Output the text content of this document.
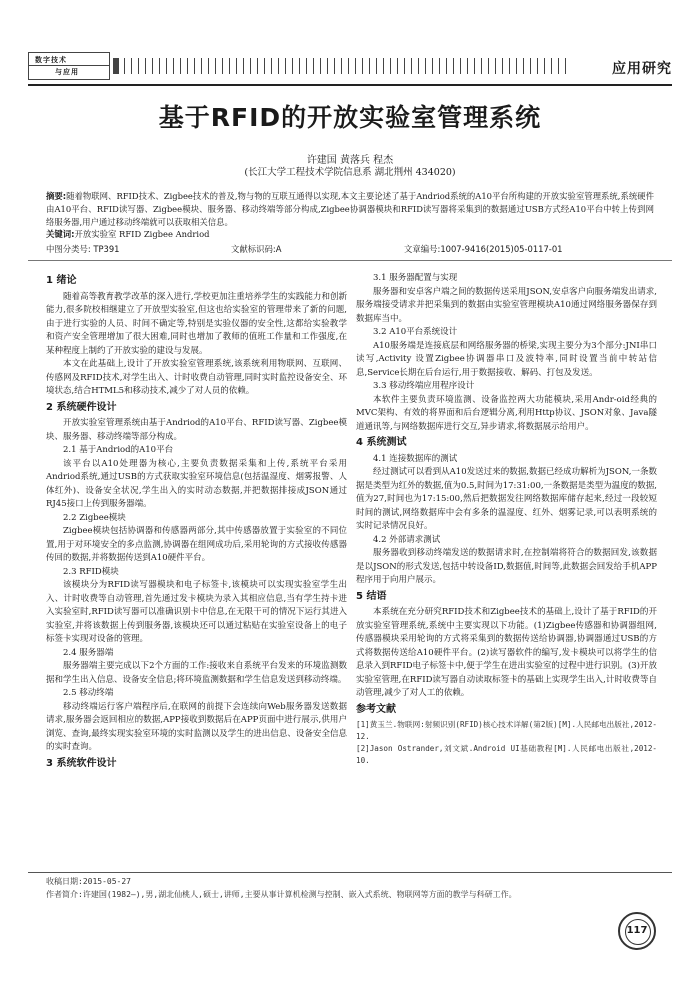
数字技术
与应用	应用研究
基于RFID的开放实验室管理系统
许建国 黄落兵 程杰
(长江大学工程技术学院信息系 湖北荆州 434020)
摘要:随着物联网、RFID技术、Zigbee技术的普及,物与物的互联互通得以实现,本文主要论述了基于Andriod系统的A10平台所构建的开放实验室管理系统,系统硬件由A10平台、RFID读写器、Zigbee模块、服务器、移动终端等部分构成,Zigbee协调器模块和RFID读写器将采集到的数据通过USB方式经A10平台中转上传到网络服务器,用户通过移动终端就可以获取相关信息。
关键词:开放实验室 RFID Zigbee Andriod
中图分类号: TP391	文献标识码:A	文章编号:1007-9416(2015)05-0117-01
1 绪论

随着高等教育教学改革的深入进行,学校更加注重培养学生的实践能力和创新能力,很多院校相继建立了开放型实验室,但这也给实验室的管理带来了新的问题,由于进行实验的人员、时间不确定等,特别是实验仪器的安全性,这都给实验教学和资产安全管理增加了很大困难,同时也增加了教师的值班工作量和工作强度,在某种程度上制约了开放实验的建设与发展。

本文在此基础上,设计了开放实验室管理系统,该系统利用物联网、互联网、传感网及RFID技术,对学生出入、计时收费自动管理,同时实时监控设备安全、环境状态,结合HTML5和移动技术,减少了对人员的依赖。

2 系统硬件设计

开放实验室管理系统由基于Andriod的A10平台、RFID读写器、Zigbee模块、服务器、移动终端等部分构成。

2.1 基于Andriod的A10平台

该平台以A10处理器为核心,主要负责数据采集和上传,系统平台采用Andriod系统,通过USB的方式获取实验室环境信息(包括温湿度、烟雾报警、人体红外)、设备安全状况,学生出入的实时动态数据,并把数据排接成JSON通过RJ45接口上传到服务器端。

2.2 Zigbee模块

Zigbee模块包括协调器和传感器两部分,其中传感器放置于实验室的不同位置,用于对环境安全的多点监测,协调器在组网成功后,采用轮询的方式接收传感器传回的数据,并将数据传送到A10硬件平台。

2.3 RFID模块

该模块分为RFID读写器模块和电子标签卡,该模块可以实现实验室学生出入、计时收费等自动管理,首先通过发卡模块为录入其相应信息,当有学生持卡进入实验室时,RFID读写器可以准确识别卡中信息,在无限干可的情况下运行其进入实验室,并将该数据上传到服务器,该模块还可以通过粘贴在实验室设备上的电子标签卡实现对设备的管理。

2.4 服务器端

服务器端主要完成以下2个方面的工作:接收来自系统平台发来的环境监测数据和学生出入信息、设备安全信息;将环境监测数据和学生信息发送到移动终端。

2.5 移动终端

移动终端运行客户端程序后,在联网的前提下会连续向Web服务器发送数据请求,服务器会返回相应的数据,APP接收到数据后在APP页面中进行展示,供用户浏览、查询,最终实现实验室环境的实时监测以及学生的进出信息、设备安全信息的实时查询。

3 系统软件设计
3.1 服务器配置与实现

服务器和安卓客户端之间的数据传送采用JSON,安卓客户向服务端发出请求,服务端接受请求并把采集到的数据由实验室管理模块A10通过网络服务器保存到数据库当中。

3.2 A10平台系统设计

A10服务端是连接底层和网络服务器的桥梁,实现主要分为3个部分:JNI串口读写,Activity 设置Zigbee协调器串口及波特率,同时设置当前中转站信息,Service长期在后台运行,用于数据接收、解码、打包及发送。

3.3 移动终端应用程序设计

本软件主要负责环境监测、设备监控两大功能模块,采用Andr-oid经典的MVC架构、有效的将界面和后台逻辑分离,利用Http协议、JSON对象、Java隧道通讯等,与网络数据库进行交互,异步请求,将数据展示给用户。

4 系统测试
4.1 连接数据库的测试

经过测试可以看到从A10发送过来的数据,数据已经成功解析为JSON,一条数据是类型为红外的数据,值为0.5,时间为17:31:00,一条数据是类型为温度的数据,值为27,时间也为17:15:00,然后把数据发往网络数据库储存起来,经过一段较短时间的测试,网络数据库中会有多条的温湿度、红外、烟雾记录,可以表明系统的实时记录情况良好。

4.2 外部请求测试

服务器收到移动终端发送的数据请求时,在控制端将符合的数据回发,该数据是以JSON的形式发送,包括中转设备ID,数据值,时间等,此数据会回发给手机APP程序用于向用户展示。

5 结语

本系统在充分研究RFID技术和Zigbee技术的基础上,设计了基于RFID的开放实验室管理系统,系统中主要实现以下功能。(1)Zigbee传感器和协调器组网,传感器模块采用轮询的方式将采集到的数据传送给协调器,协调器通过USB的方式将数据传送给A10硬件平台。(2)读写器软件的编写,发卡模块可以将学生的信息录入到RFID电子标签卡中,便于学生在进出实验室的过程中进行识别。(3)开放实验室管理,在RFID读写器自动读取标签卡的基础上实现学生出入,计时收费等自动管理,减少了对人工的依赖。

参考文献

[1]黄玉兰.物联网:射频识别(RFID)核心技术详解(第2版)[M].人民邮电出版社,2012-12.

[2]Jason Ostrander,刘文斌.Android UI基础教程[M].人民邮电出版社,2012-10.

收稿日期:2015-05-27
作者简介:许建国(1982—),男,湖北仙桃人,硕士,讲师,主要从事计算机检测与控制、嵌入式系统、物联网等方面的教学与科研工作。
117
